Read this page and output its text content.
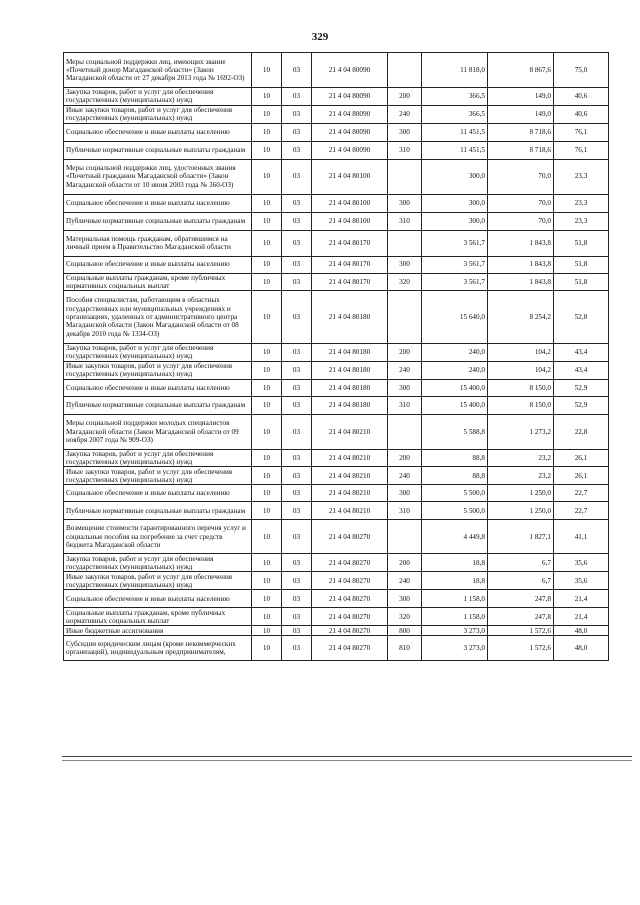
329
Меры социальной поддержки лиц, имеющих звание «Почетный донор Магаданской области» (Закон Магаданской области от 27 декабря 2013 года № 1692-ОЗ)	10	03	21 4 04 80090		11 818,0	8 867,6	75,0
Закупка товаров, работ и услуг для обеспечения государственных (муниципальных) нужд	10	03	21 4 04 80090	200	366,5	149,0	40,6
Иные закупки товаров, работ и услуг для обеспечения государственных (муниципальных) нужд	10	03	21 4 04 80090	240	366,5	149,0	40,6
Социальное обеспечение и иные выплаты населению	10	03	21 4 04 80090	300	11 451,5	8 718,6	76,1
Публичные нормативные социальные выплаты гражданам	10	03	21 4 04 80090	310	11 451,5	8 718,6	76,1
Меры социальной поддержки лиц, удостоенных звания «Почетный гражданин Магаданской области» (Закон Магаданской области от 10 июня 2003 года № 360-ОЗ)	10	03	21 4 04 80100		300,0	70,0	23,3
Социальное обеспечение и иные выплаты населению	10	03	21 4 04 80100	300	300,0	70,0	23,3
Публичные нормативные социальные выплаты гражданам	10	03	21 4 04 80100	310	300,0	70,0	23,3
Материальная помощь гражданам, обратившимся на личный прием в Правительство Магаданской области	10	03	21 4 04 80170		3 561,7	1 843,8	51,8
Социальное обеспечение и иные выплаты населению	10	03	21 4 04 80170	300	3 561,7	1 843,8	51,8
Социальные выплаты гражданам, кроме публичных нормативных социальных выплат	10	03	21 4 04 80170	320	3 561,7	1 843,8	51,8
Пособия специалистам, работающим в областных государственных или муниципальных учреждениях и организациях, удаленных от административного центра Магаданской области (Закон Магаданской области от 08 декабря 2010 года № 1334-ОЗ)	10	03	21 4 04 80180		15 640,0	8 254,2	52,8
Закупка товаров, работ и услуг для обеспечения государственных (муниципальных) нужд	10	03	21 4 04 80180	200	240,0	104,2	43,4
Иные закупки товаров, работ и услуг для обеспечения государственных (муниципальных) нужд	10	03	21 4 04 80180	240	240,0	104,2	43,4
Социальное обеспечение и иные выплаты населению	10	03	21 4 04 80180	300	15 400,0	8 150,0	52,9
Публичные нормативные социальные выплаты гражданам	10	03	21 4 04 80180	310	15 400,0	8 150,0	52,9
Меры социальной поддержки молодых специалистов Магаданской области (Закон Магаданской области от 09 ноября 2007 года № 909-ОЗ)	10	03	21 4 04 80210		5 588,8	1 273,2	22,8
Закупка товаров, работ и услуг для обеспечения государственных (муниципальных) нужд	10	03	21 4 04 80210	200	88,8	23,2	26,1
Иные закупки товаров, работ и услуг для обеспечения государственных (муниципальных) нужд	10	03	21 4 04 80210	240	88,8	23,2	26,1
Социальное обеспечение и иные выплаты населению	10	03	21 4 04 80210	300	5 500,0	1 250,0	22,7
Публичные нормативные социальные выплаты гражданам	10	03	21 4 04 80210	310	5 500,0	1 250,0	22,7
Возмещение стоимости гарантированного перечня услуг и социальные пособия на погребение за счет средств бюджета Магаданской области	10	03	21 4 04 80270		4 449,8	1 827,1	41,1
Закупка товаров, работ и услуг для обеспечения государственных (муниципальных) нужд	10	03	21 4 04 80270	200	18,8	6,7	35,6
Иные закупки товаров, работ и услуг для обеспечения государственных (муниципальных) нужд	10	03	21 4 04 80270	240	18,8	6,7	35,6
Социальное обеспечение и иные выплаты населению	10	03	21 4 04 80270	300	1 158,0	247,8	21,4
Социальные выплаты гражданам, кроме публичных нормативных социальных выплат	10	03	21 4 04 80270	320	1 158,0	247,8	21,4
Иные бюджетные ассигнования	10	03	21 4 04 80270	800	3 273,0	1 572,6	48,0
Субсидии юридическим лицам (кроме некоммерческих организаций), индивидуальным предпринимателям,	10	03	21 4 04 80270	810	3 273,0	1 572,6	48,0
